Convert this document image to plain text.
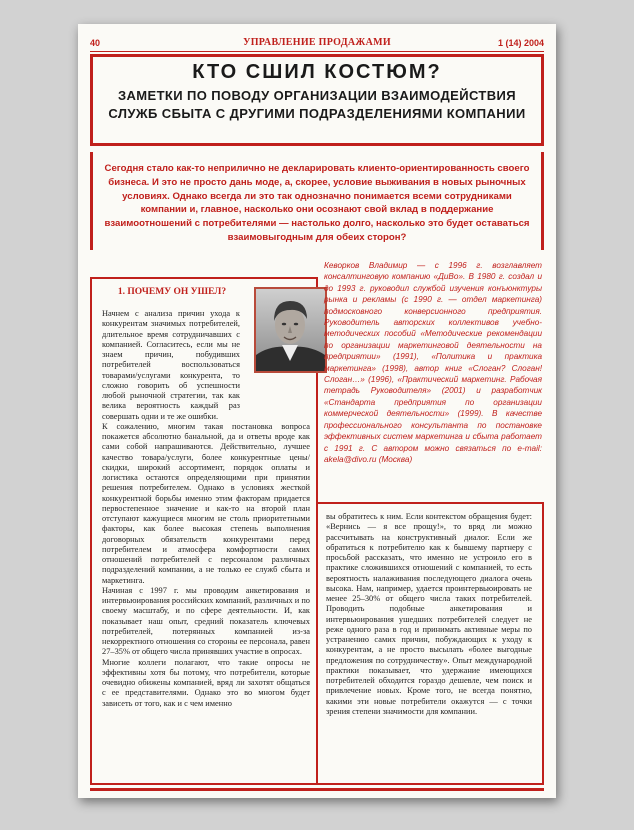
40	УПРАВЛЕНИЕ ПРОДАЖАМИ	1 (14) 2004
КТО СШИЛ КОСТЮМ?
ЗАМЕТКИ ПО ПОВОДУ ОРГАНИЗАЦИИ ВЗАИМОДЕЙСТВИЯ СЛУЖБ СБЫТА С ДРУГИМИ ПОДРАЗДЕЛЕНИЯМИ КОМПАНИИ
Сегодня стало как-то неприлично не декларировать клиенто-ориентированность своего бизнеса. И это не просто дань моде, а, скорее, условие выживания в новых рыночных условиях. Однако всегда ли это так однозначно понимается всеми сотрудниками компании и, главное, насколько они осознают свой вклад в поддержание взаимоотношений с потребителями — настолько долго, насколько это будет оставаться взаимовыгодным для обеих сторон?
1. ПОЧЕМУ ОН УШЕЛ?

Начнем с анализа причин ухода к конкурентам значимых потребителей, длительное время сотрудничавших с компанией. Согласитесь, если мы не знаем причин, побудивших потребителей воспользоваться товарами/услугами конкурента, то сложно говорить об успешности любой рыночной стратегии, так как велика вероятность каждый раз совершать одни и те же ошибки.

К сожалению, многим такая постановка вопроса покажется абсолютно банальной, да и ответы вроде как сами собой напрашиваются. Действительно, лучшее качество товара/услуги, более конкурентные цены/скидки, широкий ассортимент, порядок оплаты и логистика остаются определяющими при принятии решения потребителем. Однако в условиях жесткой конкурентной борьбы именно этим факторам придается первостепенное значение и как-то на второй план отступают кажущиеся многим не столь приоритетными факторы, как более высокая степень выполнения договорных обязательств конкурентами перед потребителем и атмосфера комфортности самих отношений потребителей с персоналом различных подразделений компании, а не только ее служб сбыта и маркетинга.

Начиная с 1997 г. мы проводим анкетирования и интервьюирования российских компаний, различных и по своему масштабу, и по сфере деятельности. И, как показывает наш опыт, средний показатель ключевых потребителей, потерянных компанией из-за некорректного отношения со стороны ее персонала, равен 27–35% от общего числа принявших участие в опросах.

Многие коллеги полагают, что такие опросы не эффективны хотя бы потому, что потребители, которые очевидно обижены компанией, вряд ли захотят общаться с ее представителями. Однако это во многом будет зависеть от того, как и с чем именно

Кеворков Владимир — с 1996 г. возглавляет консалтинговую компанию «ДиВо». В 1980 г. создал и до 1993 г. руководил службой изучения конъюнктуры рынка и рекламы (с 1990 г. — отдел маркетинга) подмосковного конверсионного предприятия. Руководитель авторских коллективов учебно-методических пособий «Методические рекомендации по организации маркетинговой деятельности на предприятии» (1991), «Политика и практика маркетинга» (1998), автор книг «Слоган? Слоган! Слоган…» (1996), «Практический маркетинг. Рабочая тетрадь Руководителя» (2001) и разработчик «Стандарта предприятия по организации коммерческой деятельности» (1999). В качестве профессионального консультанта по постановке эффективных систем маркетинга и сбыта работает с 1991 г. С автором можно связаться по e-mail: akela@divo.ru (Москва)

вы обратитесь к ним. Если контекстом обращения будет: «Вернись — я все прощу!», то вряд ли можно рассчитывать на конструктивный диалог. Если же обратиться к потребителю как к бывшему партнеру с просьбой рассказать, что именно не устроило его в практике сложившихся отношений с компанией, то есть вероятность налаживания последующего диалога очень высока. Нам, например, удается проинтервьюировать не менее 25–30% от общего числа таких потребителей. Проводить подобные анкетирования и интервьюирования ушедших потребителей следует не реже одного раза в год и принимать активные меры по устранению самих причин, побуждающих к уходу к конкурентам, а не просто высылать «более выгодные предложения по сотрудничеству». Опыт международной практики показывает, что удержание имеющихся потребителей обходится гораздо дешевле, чем поиск и привлечение новых. Кроме того, не всегда понятно, какими эти новые потребители окажутся — с точки зрения степени значимости для компании.
